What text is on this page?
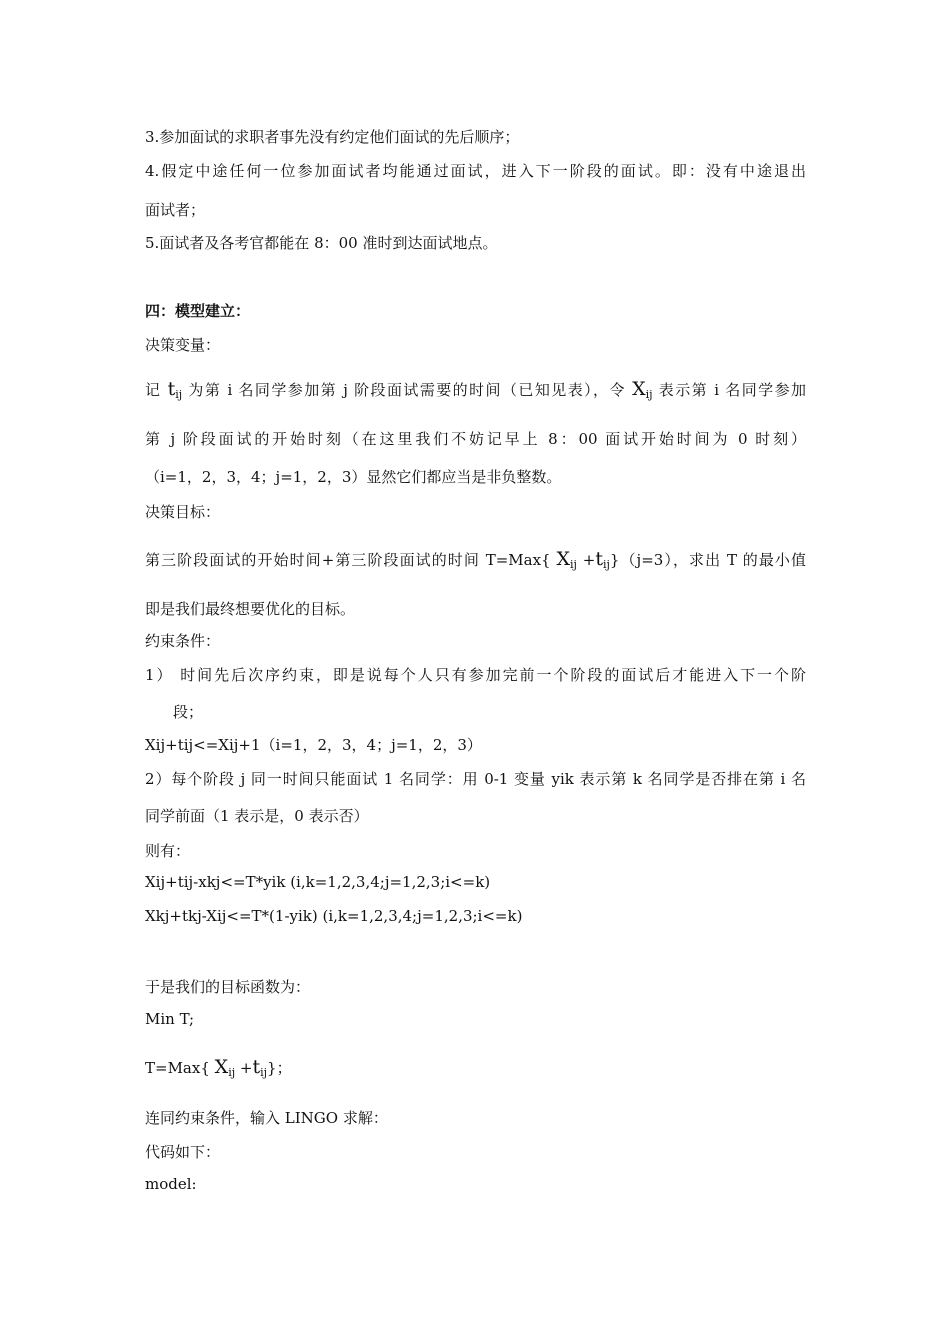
3.参加面试的求职者事先没有约定他们面试的先后顺序；
4.假定中途任何一位参加面试者均能通过面试，进入下一阶段的面试。即：没有中途退出
面试者；
5.面试者及各考官都能在 8：00 准时到达面试地点。
四：模型建立：
决策变量：
记 $t_{ij}$ 为第 i 名同学参加第 j 阶段面试需要的时间（已知见表），令 $X_{ij}$ 表示第 i 名同学参加
第 j 阶段面试的开始时刻（在这里我们不妨记早上 8：00 面试开始时间为 0 时刻）
（i=1，2，3，4；j=1，2，3）显然它们都应当是非负整数。
决策目标：
第三阶段面试的开始时间+第三阶段面试的时间 T=Max{ $X_{ij} +t_{ij}\}(j=3)$，求出 T 的最小值
即是我们最终想要优化的目标。
约束条件：
1） 时间先后次序约束，即是说每个人只有参加完前一个阶段的面试后才能进入下一个阶
段；
Xij+tij<=Xij+1（i=1，2，3，4；j=1，2，3）
2）每个阶段 j 同一时间只能面试 1 名同学：用 0-1 变量 yik 表示第 k 名同学是否排在第 i 名
同学前面（1 表示是，0 表示否）
则有：
Xij+tij-xkj<=T*yik (i,k=1,2,3,4;j=1,2,3;i<=k)
Xkj+tkj-Xij<=T*(1-yik) (i,k=1,2,3,4;j=1,2,3;i<=k)
于是我们的目标函数为：
Min T;
T=Max{ $X_{ij} +t_{ij}$}；
连同约束条件，输入 LINGO 求解：
代码如下：
model:
